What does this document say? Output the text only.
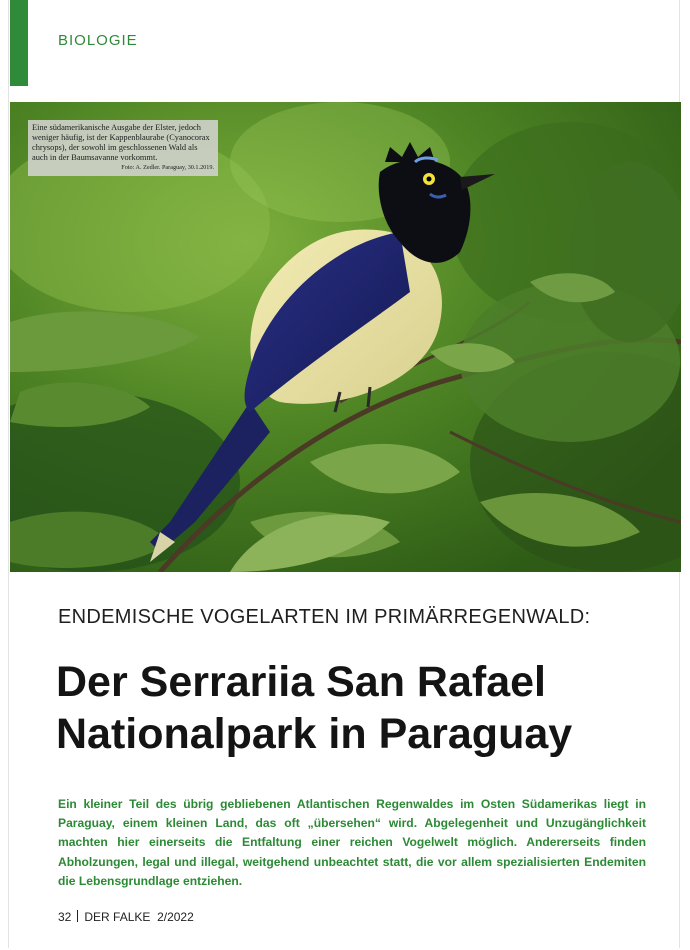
BIOLOGIE
Eine südamerikanische Ausgabe der Elster, jedoch weniger häufig, ist der Kappenblaurabe (Cyanocorax chrysops), der sowohl im geschlossenen Wald als auch in der Baumsavanne vorkommt.
Foto: A. Zedler. Paraguay, 30.1.2019.
ENDEMISCHE VOGELARTEN IM PRIMÄRREGENWALD:
Der Serrariia San Rafael Nationalpark in Paraguay

Ein kleiner Teil des übrig gebliebenen Atlantischen Regenwaldes im Osten Südamerikas liegt in Paraguay, einem kleinen Land, das oft „übersehen“ wird. Abgelegenheit und Unzugänglichkeit machten hier einerseits die Entfaltung einer reichen Vogelwelt möglich. Andererseits finden Abholzungen, legal und illegal, weitgehend unbeachtet statt, die vor allem spezialisierten Endemiten die Lebensgrundlage entziehen.

32 DER FALKE 2/2022
